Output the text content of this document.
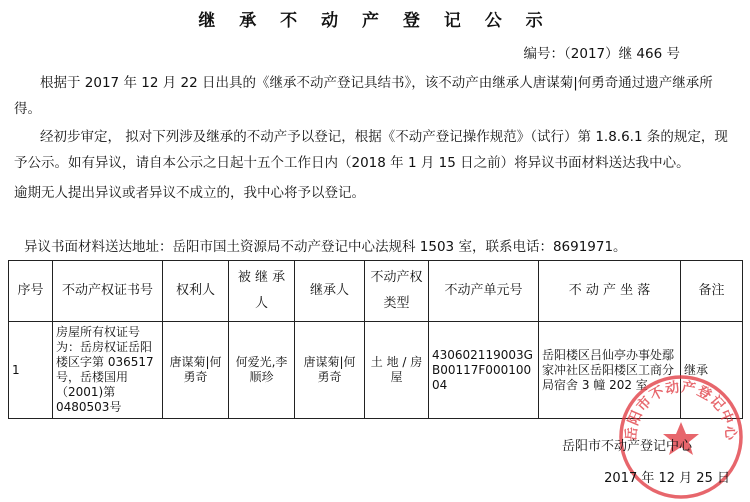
继 承 不 动 产 登 记 公 示
编号：（2017）继 466 号

根据于 2017 年 12 月 22 日出具的《继承不动产登记具结书》，该不动产由继承人唐谋菊|何勇奇通过遗产继承所得。

经初步审定， 拟对下列涉及继承的不动产予以登记，根据《不动产登记操作规范》（试行）第 1.8.6.1 条的规定，现予公示。如有异议，请自本公示之日起十五个工作日内（2018 年 1 月 15 日之前）将异议书面材料送达我中心。

逾期无人提出异议或者异议不成立的，我中心将予以登记。

异议书面材料送达地址：岳阳市国土资源局不动产登记中心法规科 1503 室，联系电话：8691971。

序号	不动产权证书号	权利人	被 继 承 人	继承人	不动产权类型	不动产单元号	不 动 产 坐 落	备注
1	房屋所有权证号为：岳房权证岳阳楼区字第 036517号，岳楼国用（2001)第 0480503号	唐谋菊|何勇奇	何爱光,李顺珍	唐谋菊|何勇奇	土 地 / 房屋	430602119003GB00117F00010004	岳阳楼区吕仙亭办事处鄢家冲社区岳阳楼区工商分局宿舍 3 幢 202 室	继承
岳阳市不动产登记中心
岳阳市不动产登记中心
2017 年 12 月 25 日
